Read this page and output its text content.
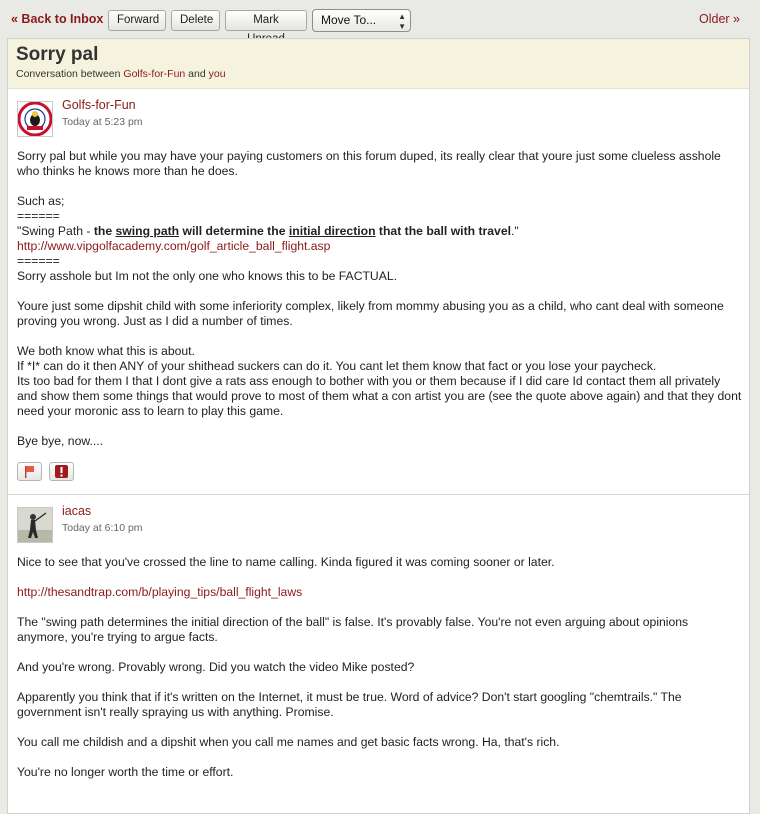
« Back to Inbox	Forward	Delete	Mark	Move To...	▲
▼
Older »
Sorry pal
Conversation between Golfs-for-Fun and you
Golfs-for-Fun
Today at 5:23 pm

Sorry pal but while you may have your paying customers on this forum duped, its really clear that youre just some clueless asshole who thinks he knows more than he does.

Such as;
======
"Swing Path - the swing path will determine the initial direction that the ball with travel."
http://www.vipgolfacademy.com/golf_article_ball_flight.asp
======
Sorry asshole but Im not the only one who knows this to be FACTUAL.

Youre just some dipshit child with some inferiority complex, likely from mommy abusing you as a child, who cant deal with someone proving you wrong. Just as I did a number of times.

We both know what this is about.
If *I* can do it then ANY of your shithead suckers can do it. You cant let them know that fact or you lose your paycheck.
Its too bad for them I that I dont give a rats ass enough to bother with you or them because if I did care Id contact them all privately and show them some things that would prove to most of them what a con artist you are (see the quote above again) and that they dont need your moronic ass to learn to play this game.

Bye bye, now....

iacas
Today at 6:10 pm

Nice to see that you've crossed the line to name calling. Kinda figured it was coming sooner or later.

http://thesandtrap.com/b/playing_tips/ball_flight_laws

The "swing path determines the initial direction of the ball" is false. It's provably false. You're not even arguing about opinions anymore, you're trying to argue facts.

And you're wrong. Provably wrong. Did you watch the video Mike posted?

Apparently you think that if it's written on the Internet, it must be true. Word of advice? Don't start googling "chemtrails." The government isn't really spraying us with anything. Promise.

You call me childish and a dipshit when you call me names and get basic facts wrong. Ha, that's rich.

You're no longer worth the time or effort.
